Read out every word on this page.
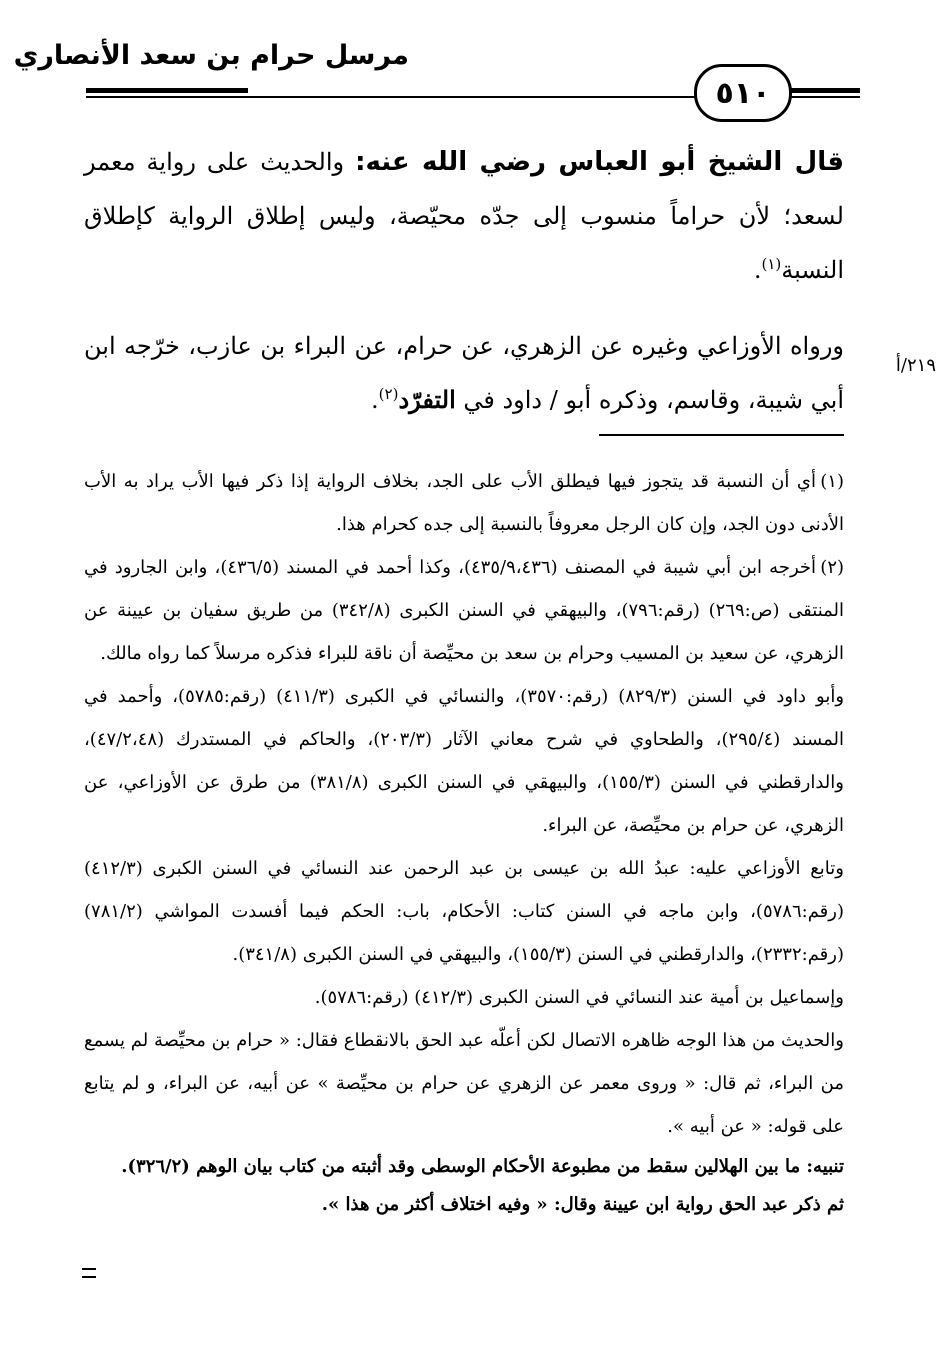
مرسل حرام بن سعد الأنصاري
٥١٠

قال الشيخ أبو العباس رضي الله عنه: والحديث على رواية معمر لسعد؛ لأن حراماً منسوب إلى جدّه محيّصة، وليس إطلاق الرواية كإطلاق النسبة$^{(١)}$.

ورواه الأوزاعي وغيره عن الزهري، عن حرام، عن البراء بن عازب، خرّجه ابن أبي شيبة، وقاسم، وذكره أبو / داود في التفرّد$^{(٢)}$.

٢١٩/أ

(١)أي أن النسبة قد يتجوز فيها فيطلق الأب على الجد، بخلاف الرواية إذا ذكر فيها الأب يراد به الأب الأدنى دون الجد، وإن كان الرجل معروفاً بالنسبة إلى جده كحرام هذا.

(٢)أخرجه ابن أبي شيبة في المصنف (٤٣٥/٩،٤٣٦)، وكذا أحمد في المسند (٤٣٦/٥)، وابن الجارود في المنتقى (ص:٢٦٩) (رقم:٧٩٦)، والبيهقي في السنن الكبرى (٣٤٢/٨) من طريق سفيان بن عيينة عن الزهري، عن سعيد بن المسيب وحرام بن سعد بن محيِّصة أن ناقة للبراء فذكره مرسلاً كما رواه مالك.

وأبو داود في السنن (٨٢٩/٣) (رقم:٣٥٧٠)، والنسائي في الكبرى (٤١١/٣) (رقم:٥٧٨٥)، وأحمد في المسند (٢٩٥/٤)، والطحاوي في شرح معاني الآثار (٢٠٣/٣)، والحاكم في المستدرك (٤٧/٢،٤٨)، والدارقطني في السنن (١٥٥/٣)، والبيهقي في السنن الكبرى (٣٨١/٨) من طرق عن الأوزاعي، عن الزهري، عن حرام بن محيِّصة، عن البراء.

وتابع الأوزاعي عليه: عبدُ الله بن عيسى بن عبد الرحمن عند النسائي في السنن الكبرى (٤١٢/٣) (رقم:٥٧٨٦)، وابن ماجه في السنن كتاب: الأحكام، باب: الحكم فيما أفسدت المواشي (٧٨١/٢) (رقم:٢٣٣٢)، والدارقطني في السنن (١٥٥/٣)، والبيهقي في السنن الكبرى (٣٤١/٨).

وإسماعيل بن أمية عند النسائي في السنن الكبرى (٤١٢/٣) (رقم:٥٧٨٦).

والحديث من هذا الوجه ظاهره الاتصال لكن أعلّه عبد الحق بالانقطاع فقال: « حرام بن محيِّصة لم يسمع من البراء، ثم قال: « وروى معمر عن الزهري عن حرام بن محيِّصة » عن أبيه، عن البراء، و لم يتابع على قوله: « عن أبيه ».

تنبيه: ما بين الهلالين سقط من مطبوعة الأحكام الوسطى وقد أثبته من كتاب بيان الوهم (٣٢٦/٢).

ثم ذكر عبد الحق رواية ابن عيينة وقال: « وفيه اختلاف أكثر من هذا ».
